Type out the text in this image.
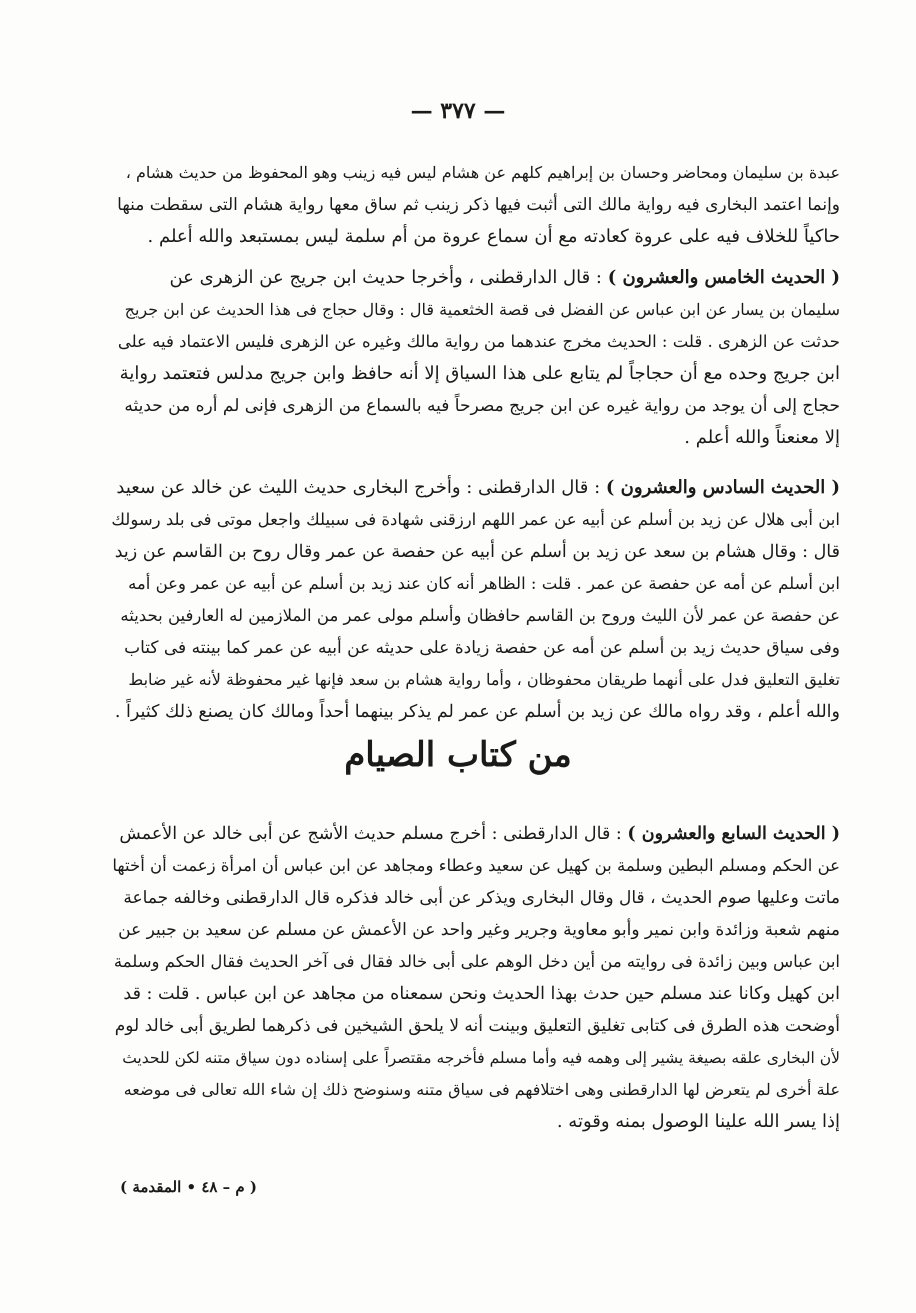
— ٣٧٧ —
عبدة بن سليمان ومحاضر وحسان بن إبراهيم كلهم عن هشام ليس فيه زينب وهو المحفوظ من حديث هشام ،
وإنما اعتمد البخارى فيه رواية مالك التى أثبت فيها ذكر زينب ثم ساق معها رواية هشام التى سقطت منها
حاكياً للخلاف فيه على عروة كعادته مع أن سماع عروة من أم سلمة ليس بمستبعد والله أعلم .
( الحديث الخامس والعشرون ) : قال الدارقطنى ، وأخرجا حديث ابن جريج عن الزهرى عن
سليمان بن يسار عن ابن عباس عن الفضل فى قصة الخثعمية قال : وقال حجاج فى هذا الحديث عن ابن جريج
حدثت عن الزهرى . قلت : الحديث مخرج عندهما من رواية مالك وغيره عن الزهرى فليس الاعتماد فيه على
ابن جريج وحده مع أن حجاجاً لم يتابع على هذا السياق إلا أنه حافظ وابن جريج مدلس فتعتمد رواية
حجاج إلى أن يوجد من رواية غيره عن ابن جريج مصرحاً فيه بالسماع من الزهرى فإنى لم أره من حديثه
إلا معنعناً والله أعلم .
( الحديث السادس والعشرون ) : قال الدارقطنى : وأخرج البخارى حديث الليث عن خالد عن سعيد
ابن أبى هلال عن زيد بن أسلم عن أبيه عن عمر اللهم ارزقنى شهادة فى سبيلك واجعل موتى فى بلد رسولك
قال : وقال هشام بن سعد عن زيد بن أسلم عن أبيه عن حفصة عن عمر وقال روح بن القاسم عن زيد
ابن أسلم عن أمه عن حفصة عن عمر . قلت : الظاهر أنه كان عند زيد بن أسلم عن أبيه عن عمر وعن أمه
عن حفصة عن عمر لأن الليث وروح بن القاسم حافظان وأسلم مولى عمر من الملازمين له العارفين بحديثه
وفى سياق حديث زيد بن أسلم عن أمه عن حفصة زيادة على حديثه عن أبيه عن عمر كما بينته فى كتاب
تغليق التعليق فدل على أنهما طريقان محفوظان ، وأما رواية هشام بن سعد فإنها غير محفوظة لأنه غير ضابط
والله أعلم ، وقد رواه مالك عن زيد بن أسلم عن عمر لم يذكر بينهما أحداً ومالك كان يصنع ذلك كثيراً .
من كتاب الصيام
( الحديث السابع والعشرون ) : قال الدارقطنى : أخرج مسلم حديث الأشج عن أبى خالد عن الأعمش
عن الحكم ومسلم البطين وسلمة بن كهيل عن سعيد وعطاء ومجاهد عن ابن عباس أن امرأة زعمت أن أختها
ماتت وعليها صوم الحديث ، قال وقال البخارى ويذكر عن أبى خالد فذكره قال الدارقطنى وخالفه جماعة
منهم شعبة وزائدة وابن نمير وأبو معاوية وجرير وغير واحد عن الأعمش عن مسلم عن سعيد بن جبير عن
ابن عباس وبين زائدة فى روايته من أين دخل الوهم على أبى خالد فقال فى آخر الحديث فقال الحكم وسلمة
ابن كهيل وكانا عند مسلم حين حدث بهذا الحديث ونحن سمعناه من مجاهد عن ابن عباس . قلت : قد
أوضحت هذه الطرق فى كتابى تغليق التعليق وبينت أنه لا يلحق الشيخين فى ذكرهما لطريق أبى خالد لوم
لأن البخارى علقه بصيغة يشير إلى وهمه فيه وأما مسلم فأخرجه مقتصراً على إسناده دون سياق متنه لكن للحديث
علة أخرى لم يتعرض لها الدارقطنى وهى اختلافهم فى سياق متنه وسنوضح ذلك إن شاء الله تعالى فى موضعه
إذا يسر الله علينا الوصول بمنه وقوته .
( م – ٤٨ • المقدمة )
